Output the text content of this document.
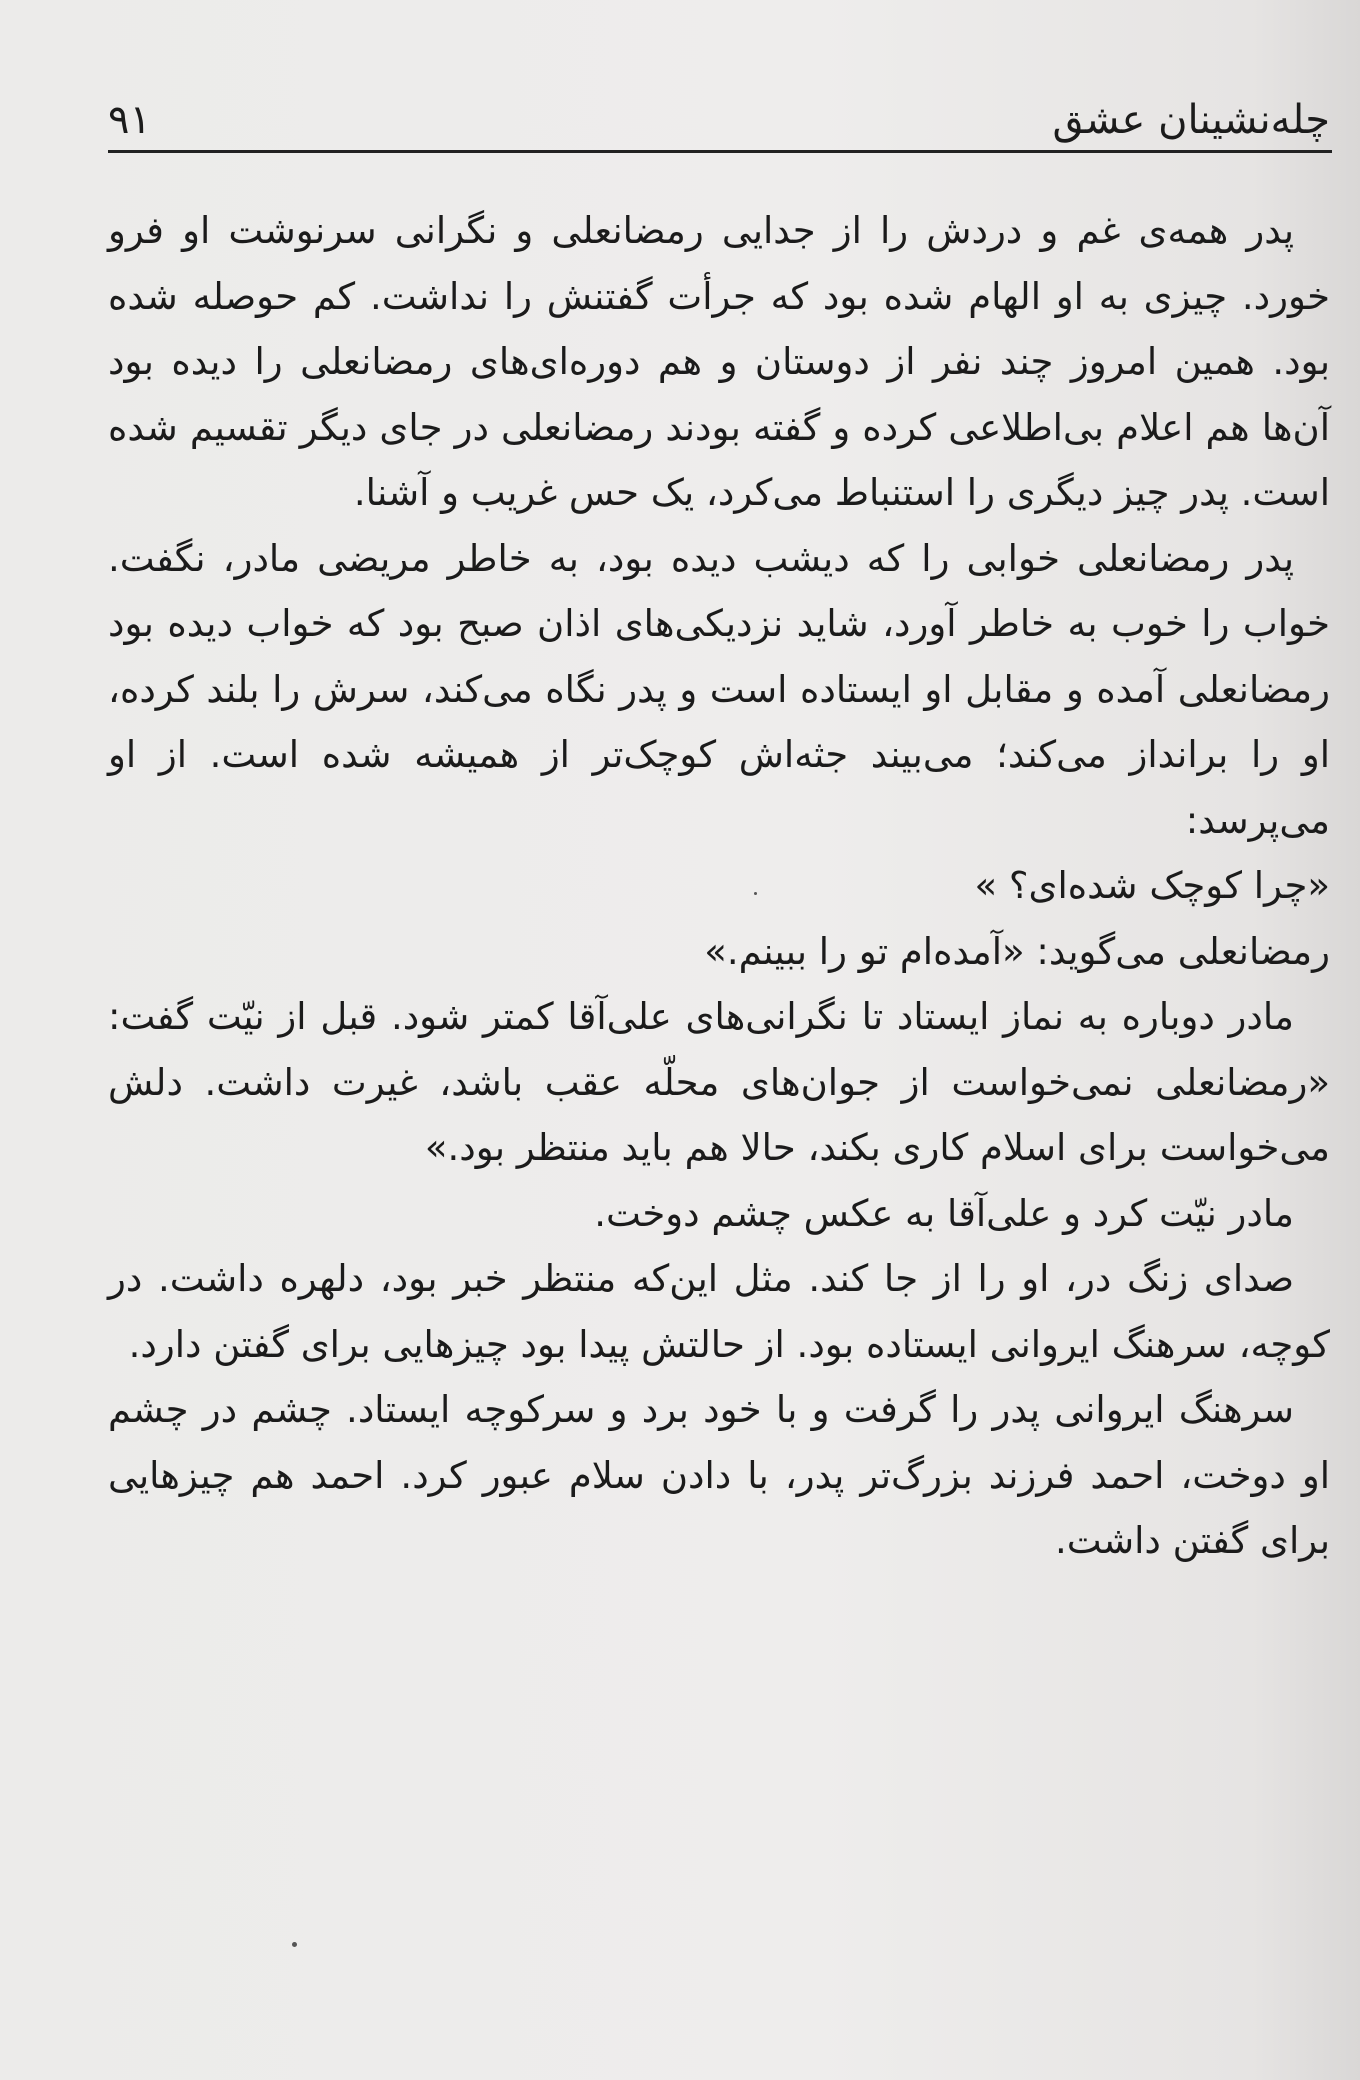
چله‌نشینان عشق
۹۱

پدر همه‌ی غم و دردش را از جدایی رمضانعلی و نگرانی سرنوشت او فرو خورد. چیزی به او الهام شده بود که جرأت گفتنش را نداشت. کم حوصله شده بود. همین امروز چند نفر از دوستان و هم دوره‌ای‌های رمضانعلی را دیده بود آن‌ها هم اعلام بی‌اطلاعی کرده و گفته بودند رمضانعلی در جای دیگر تقسیم شده است. پدر چیز دیگری را استنباط می‌کرد، یک حس غریب و آشنا.

پدر رمضانعلی خوابی را که دیشب دیده بود، به خاطر مریضی مادر، نگفت. خواب را خوب به خاطر آورد، شاید نزدیکی‌های اذان صبح بود که خواب دیده بود رمضانعلی آمده و مقابل او ایستاده است و پدر نگاه می‌کند، سرش را بلند کرده، او را برانداز می‌کند؛ می‌بیند جثه‌اش کوچک‌تر از همیشه شده است. از او می‌پرسد:

«چرا کوچک شده‌ای؟ »

رمضانعلی می‌گوید: «آمده‌ام تو را ببینم.»

مادر دوباره به نماز ایستاد تا نگرانی‌های علی‌آقا کمتر شود. قبل از نیّت گفت: «رمضانعلی نمی‌خواست از جوان‌های محلّه عقب باشد، غیرت داشت. دلش می‌خواست برای اسلام کاری بکند، حالا هم باید منتظر بود.»

مادر نیّت کرد و علی‌آقا به عکس چشم دوخت.

صدای زنگ در، او را از جا کند. مثل این‌که منتظر خبر بود، دلهره داشت. در کوچه، سرهنگ ایروانی ایستاده بود. از حالتش پیدا بود چیزهایی برای گفتن دارد.

سرهنگ ایروانی پدر را گرفت و با خود برد و سرکوچه ایستاد. چشم در چشم او دوخت، احمد فرزند بزرگ‌تر پدر، با دادن سلام عبور کرد. احمد هم چیزهایی برای گفتن داشت.
